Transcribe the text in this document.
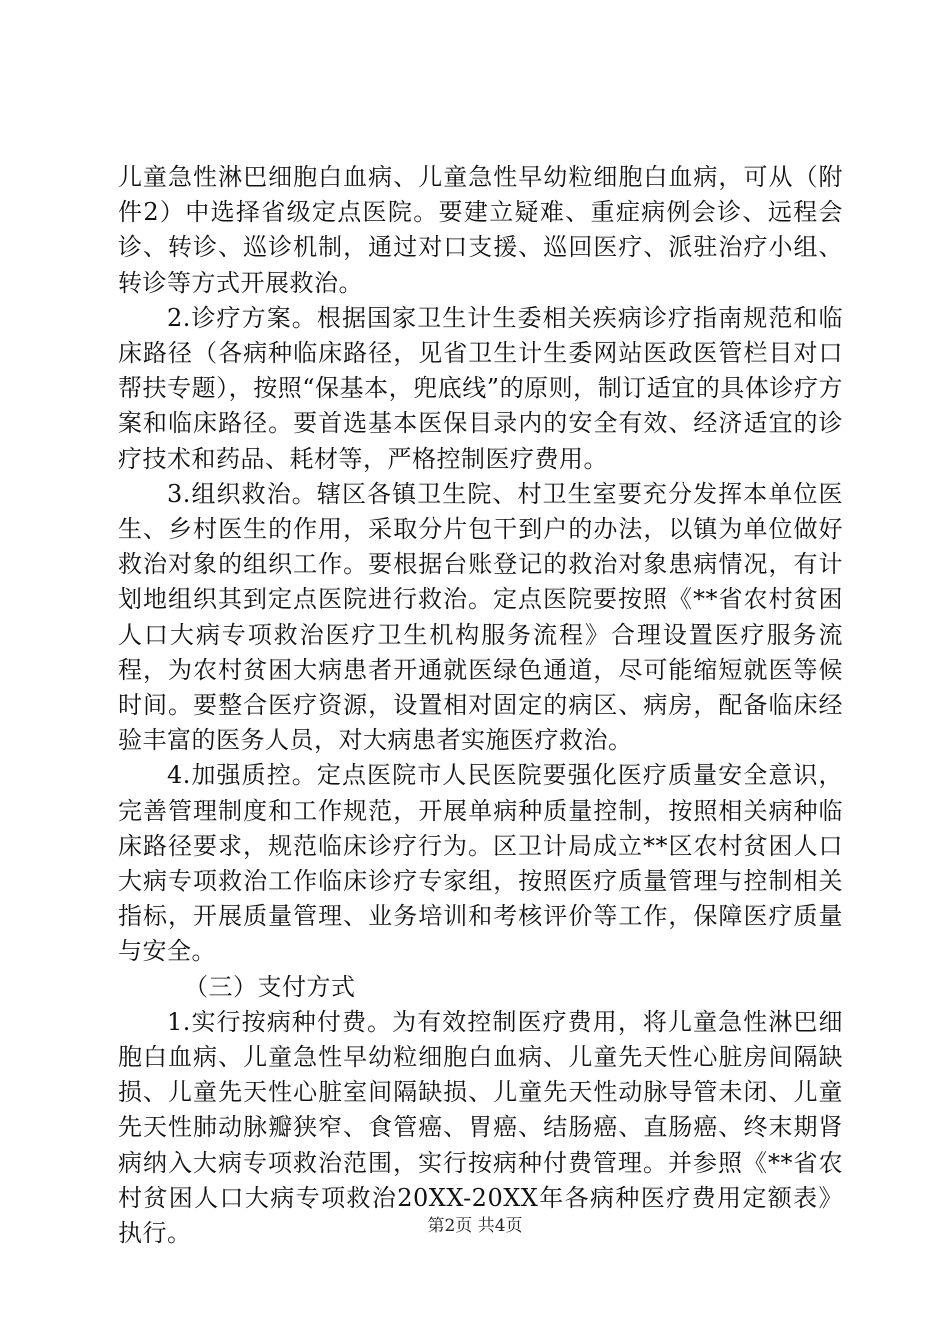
儿童急性淋巴细胞白血病、儿童急性早幼粒细胞白血病，可从（附件2）中选择省级定点医院。要建立疑难、重症病例会诊、远程会诊、转诊、巡诊机制，通过对口支援、巡回医疗、派驻治疗小组、转诊等方式开展救治。

2.诊疗方案。根据国家卫生计生委相关疾病诊疗指南规范和临床路径（各病种临床路径，见省卫生计生委网站医政医管栏目对口帮扶专题），按照“保基本，兜底线”的原则，制订适宜的具体诊疗方案和临床路径。要首选基本医保目录内的安全有效、经济适宜的诊疗技术和药品、耗材等，严格控制医疗费用。

3.组织救治。辖区各镇卫生院、村卫生室要充分发挥本单位医生、乡村医生的作用，采取分片包干到户的办法，以镇为单位做好救治对象的组织工作。要根据台账登记的救治对象患病情况，有计划地组织其到定点医院进行救治。定点医院要按照《**省农村贫困人口大病专项救治医疗卫生机构服务流程》合理设置医疗服务流程，为农村贫困大病患者开通就医绿色通道，尽可能缩短就医等候时间。要整合医疗资源，设置相对固定的病区、病房，配备临床经验丰富的医务人员，对大病患者实施医疗救治。

4.加强质控。定点医院市人民医院要强化医疗质量安全意识，完善管理制度和工作规范，开展单病种质量控制，按照相关病种临床路径要求，规范临床诊疗行为。区卫计局成立**区农村贫困人口大病专项救治工作临床诊疗专家组，按照医疗质量管理与控制相关指标，开展质量管理、业务培训和考核评价等工作，保障医疗质量与安全。

（三）支付方式

1.实行按病种付费。为有效控制医疗费用，将儿童急性淋巴细胞白血病、儿童急性早幼粒细胞白血病、儿童先天性心脏房间隔缺损、儿童先天性心脏室间隔缺损、儿童先天性动脉导管未闭、儿童先天性肺动脉瓣狭窄、食管癌、胃癌、结肠癌、直肠癌、终末期肾病纳入大病专项救治范围，实行按病种付费管理。并参照《**省农村贫困人口大病专项救治20XX-20XX年各病种医疗费用定额表》执行。	第2页 共4页
